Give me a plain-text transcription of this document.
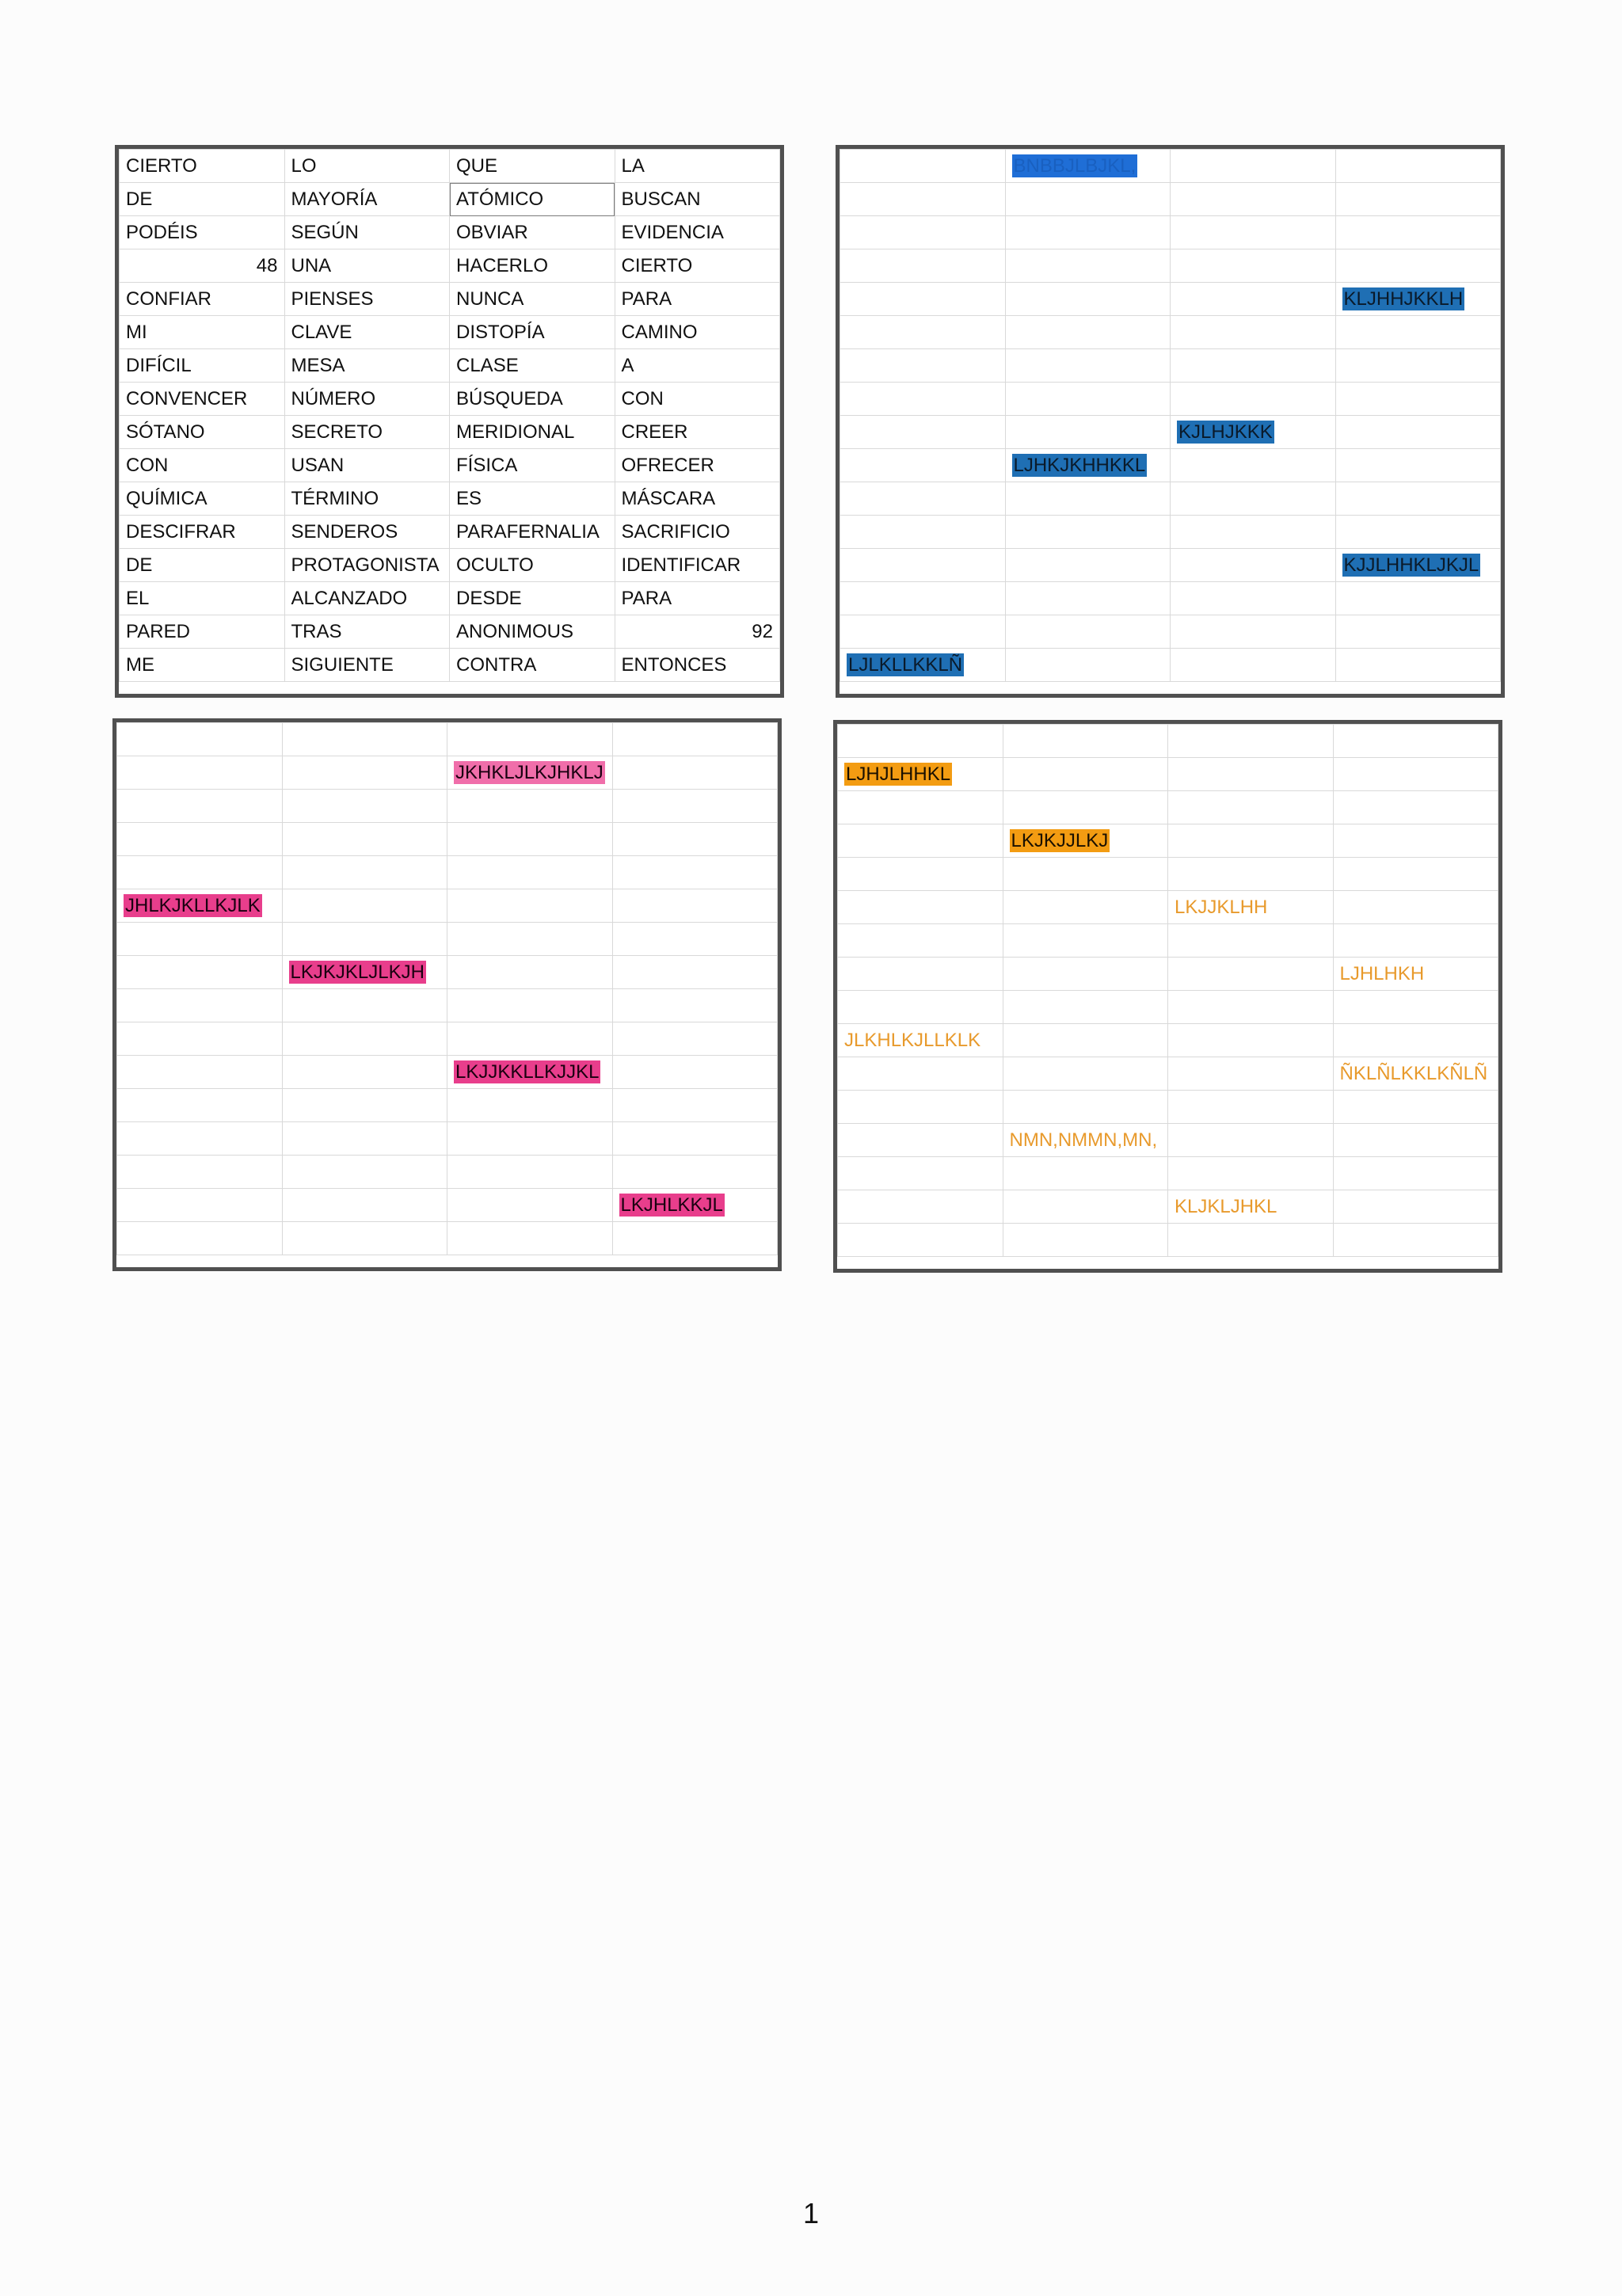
CIERTO	LO	QUE	LA
DE	MAYORÍA	ATÓMICO	BUSCAN
PODÉIS	SEGÚN	OBVIAR	EVIDENCIA
48	UNA	HACERLO	CIERTO
CONFIAR	PIENSES	NUNCA	PARA
MI	CLAVE	DISTOPÍA	CAMINO
DIFÍCIL	MESA	CLASE	A
CONVENCER	NÚMERO	BÚSQUEDA	CON
SÓTANO	SECRETO	MERIDIONAL	CREER
CON	USAN	FÍSICA	OFRECER
QUÍMICA	TÉRMINO	ES	MÁSCARA
DESCIFRAR	SENDEROS	PARAFERNALIA	SACRIFICIO
DE	PROTAGONISTA	OCULTO	IDENTIFICAR
EL	ALCANZADO	DESDE	PARA
PARED	TRAS	ANONIMOUS	92
ME	SIGUIENTE	CONTRA	ENTONCES
	BNBBJLBJKL,		

			KLJHHJKKLH

		KJLHJKKK	
	LJHKJKHHKKL		

			KJJLHHKLJKJL

LJLKLLKKLÑ			

		JKHKLJLKJHKLJ	

JHLKJKLLKJLK			

	LKJKJKLJLKJH		

		LKJJKKLLKJJKL	

			LKJHLKKJL

LJHJLHHKL			

	LKJKJJLKJ		

		LKJJKLHH	

			LJHLHKH

JLKHLKJLLKLK			
			ÑKLÑLKKLKÑLÑ

	NMN,NMMN,MN,		

		KLJKLJHKL	

1
